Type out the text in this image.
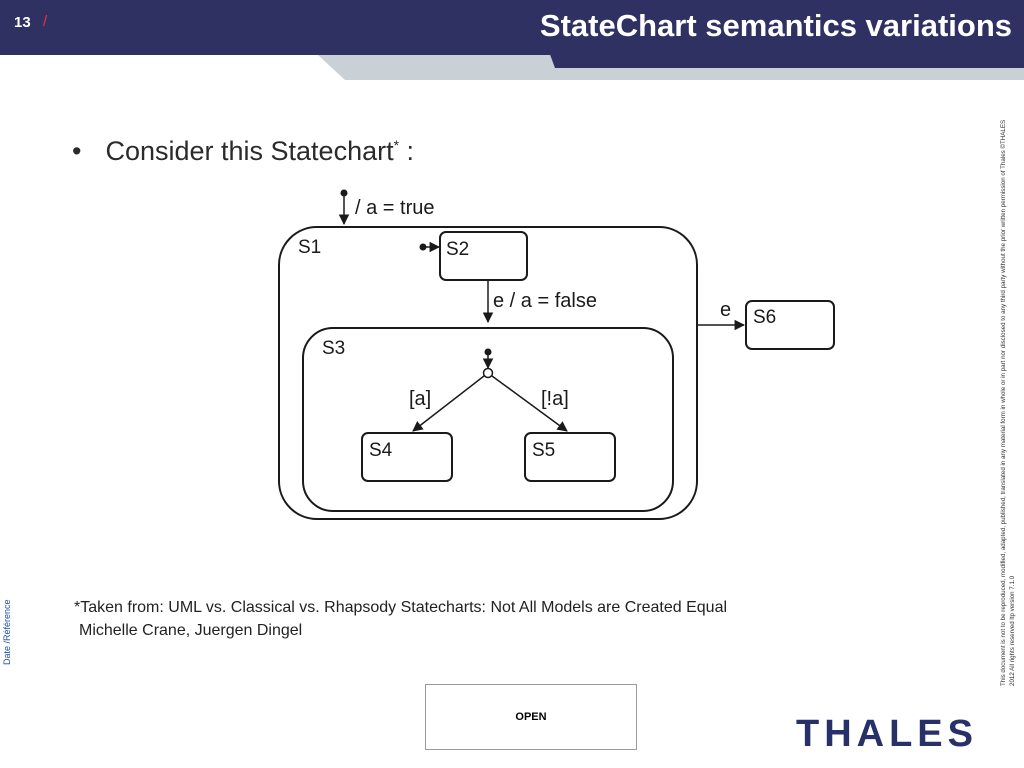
13 /	StateChart semantics variations
• Consider this Statechart* :
/ a = true
S1	S2
e / a = false
S3
[a]	[!a]
S4	S5
e S6
*Taken from: UML vs. Classical vs. Rhapsody Statecharts: Not All Models are Created Equal
Michelle Crane, Juergen Dingel
Date /Référence	This document is not to be reproduced, modified, adapted, published, translated in any material form in whole or in part nor disclosed to any third party without the prior written permission of Thales ©THALES 2012 All rights reserved ltp version 7.1.0
OPEN	THALES
